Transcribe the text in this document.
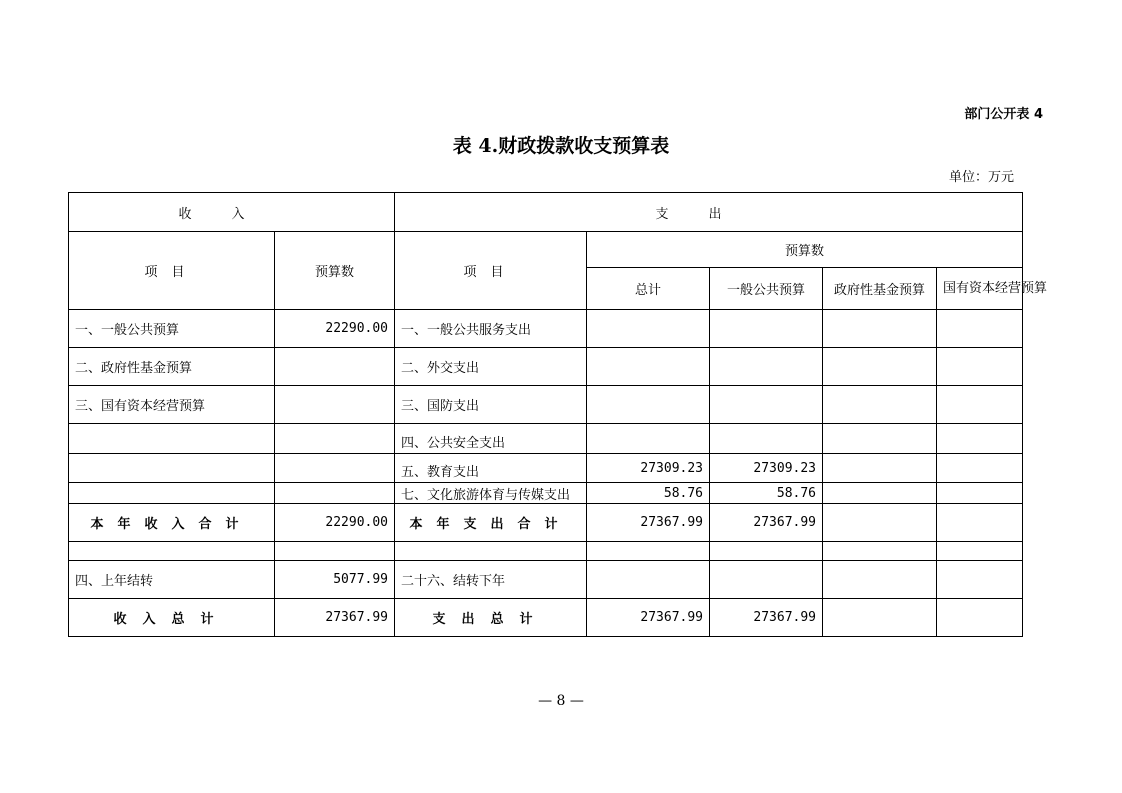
部门公开表 4
表 4.财政拨款收支预算表
单位：万元
收入		支出				
项目	预算数	项目	预算数			
			总计	一般公共预算	政府性基金预算	国有资本经营预算
一、一般公共预算	22290.00	一、一般公共服务支出				
二、政府性基金预算		二、外交支出				
三、国有资本经营预算		三、国防支出				
		四、公共安全支出				
		五、教育支出	27309.23	27309.23		
		七、文化旅游体育与传媒支出	58.76	58.76		
本年收入合计	22290.00	本年支出合计	27367.99	27367.99		

四、上年结转	5077.99	二十六、结转下年				
收入总计	27367.99	支出总计	27367.99	27367.99		
— 8 —
